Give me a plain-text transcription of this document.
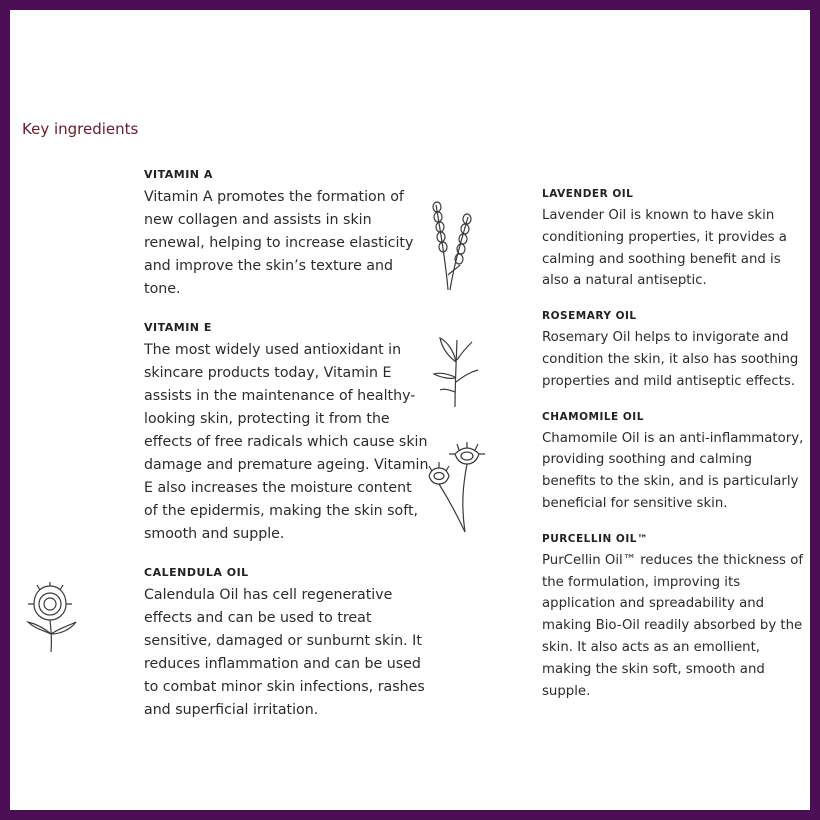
Key ingredients
VITAMIN A

Vitamin A promotes the formation of new collagen and assists in skin renewal, helping to increase elasticity and improve the skin’s texture and tone.

VITAMIN E

The most widely used antioxidant in skincare products today, Vitamin E assists in the maintenance of healthy-looking skin, protecting it from the effects of free radicals which cause skin damage and premature ageing. Vitamin E also increases the moisture content of the epidermis, making the skin soft, smooth and supple.

CALENDULA OIL

Calendula Oil has cell regenerative effects and can be used to treat sensitive, damaged or sunburnt skin. It reduces inflammation and can be used to combat minor skin infections, rashes and superficial irritation.

LAVENDER OIL

Lavender Oil is known to have skin conditioning properties, it provides a calming and soothing benefit and is also a natural antiseptic.

ROSEMARY OIL

Rosemary Oil helps to invigorate and condition the skin, it also has soothing properties and mild antiseptic effects.

CHAMOMILE OIL

Chamomile Oil is an anti-inflammatory, providing soothing and calming benefits to the skin, and is particularly beneficial for sensitive skin.

PURCELLIN OIL™

PurCellin Oil™ reduces the thickness of the formulation, improving its application and spreadability and making Bio-Oil readily absorbed by the skin. It also acts as an emollient, making the skin soft, smooth and supple.
